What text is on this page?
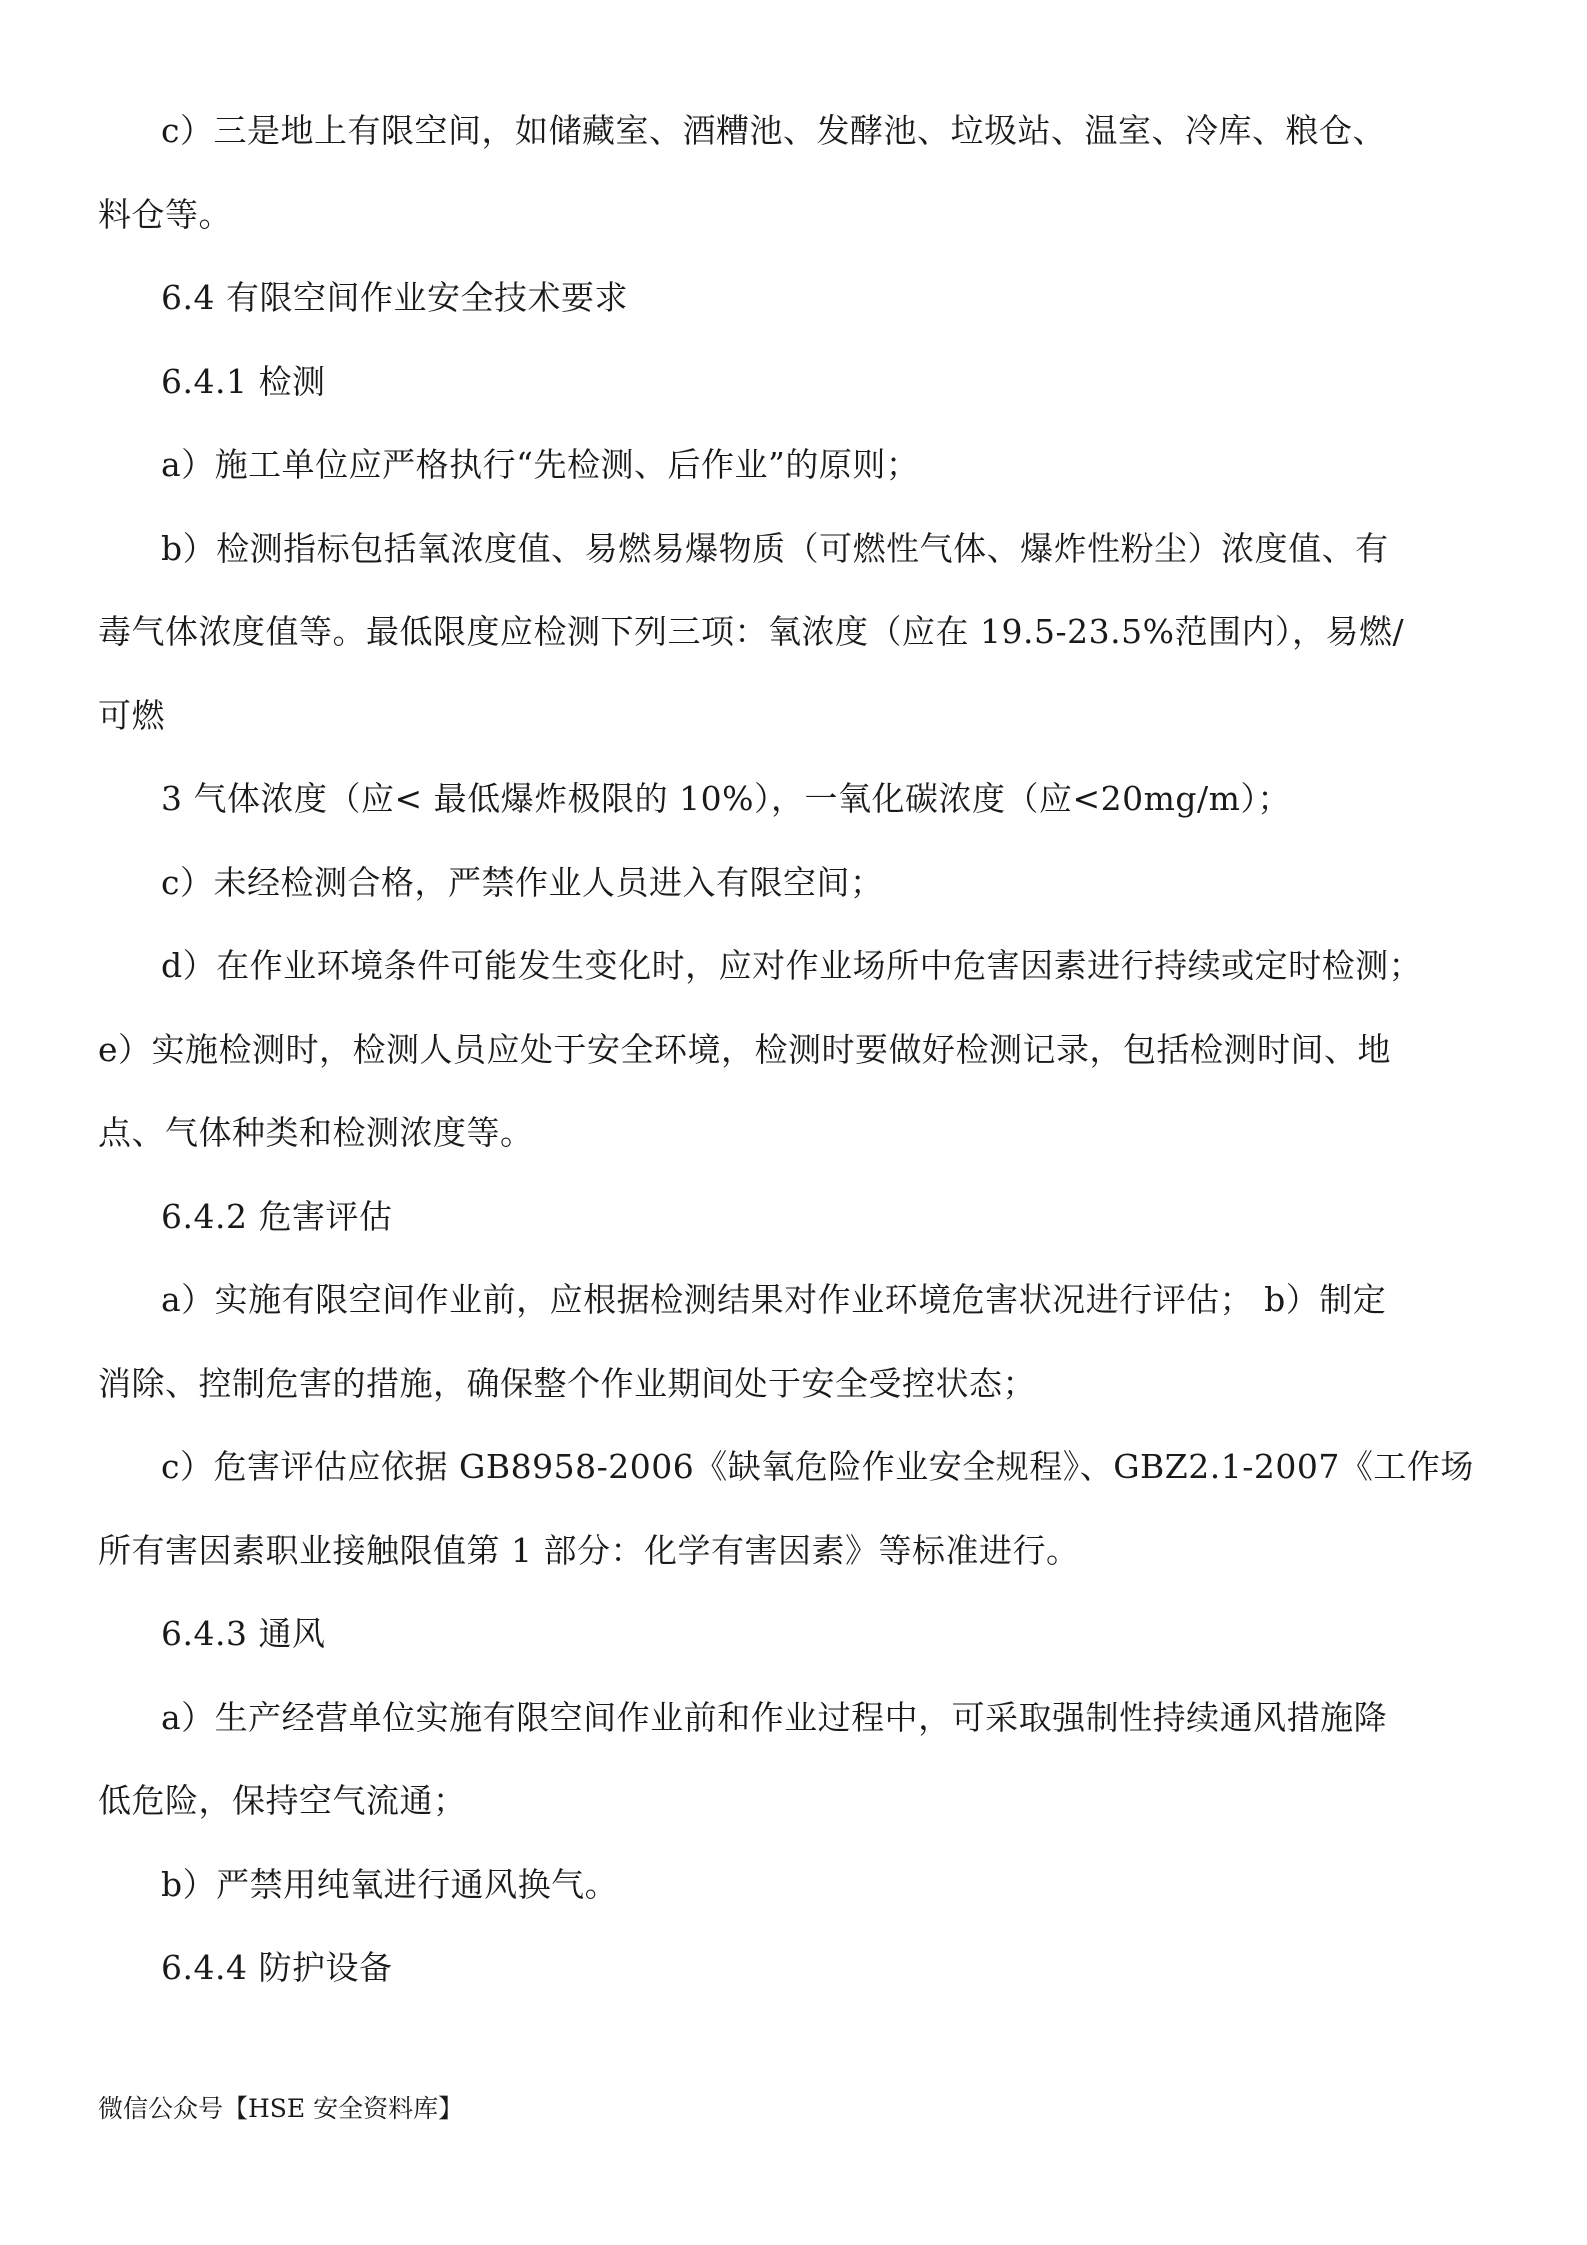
c）三是地上有限空间，如储藏室、酒糟池、发酵池、垃圾站、温室、冷库、粮仓、
料仓等。
6.4 有限空间作业安全技术要求
6.4.1 检测
a）施工单位应严格执行“先检测、后作业”的原则；
b）检测指标包括氧浓度值、易燃易爆物质（可燃性气体、爆炸性粉尘）浓度值、有
毒气体浓度值等。最低限度应检测下列三项：氧浓度（应在 19.5-23.5%范围内），易燃/
可燃
3 气体浓度（应< 最低爆炸极限的 10%），一氧化碳浓度（应<20mg/m）；
c）未经检测合格，严禁作业人员进入有限空间；
d）在作业环境条件可能发生变化时，应对作业场所中危害因素进行持续或定时检测；
e）实施检测时，检测人员应处于安全环境，检测时要做好检测记录，包括检测时间、地
点、气体种类和检测浓度等。
6.4.2 危害评估
a）实施有限空间作业前，应根据检测结果对作业环境危害状况进行评估； b）制定
消除、控制危害的措施，确保整个作业期间处于安全受控状态；
c）危害评估应依据 GB8958-2006《缺氧危险作业安全规程》、GBZ2.1-2007《工作场
所有害因素职业接触限值第 1 部分：化学有害因素》等标准进行。
6.4.3 通风
a）生产经营单位实施有限空间作业前和作业过程中，可采取强制性持续通风措施降
低危险，保持空气流通；
b）严禁用纯氧进行通风换气。
6.4.4 防护设备
微信公众号【HSE 安全资料库】
